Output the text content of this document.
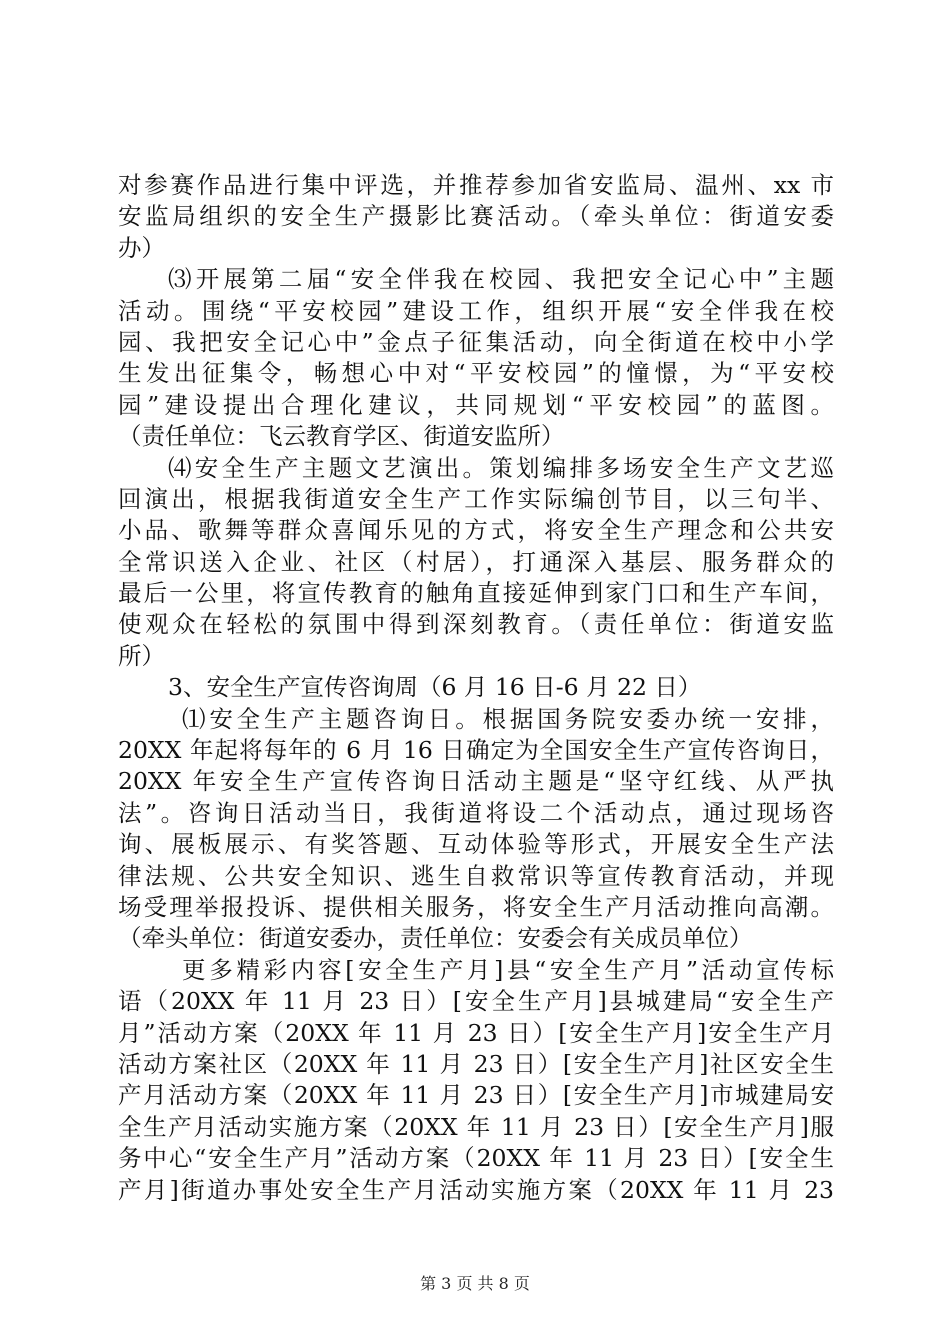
对参赛作品进行集中评选，并推荐参加省安监局、温州、xx 市
安监局组织的安全生产摄影比赛活动。（牵头单位：街道安委
办）
⑶开展第二届“安全伴我在校园、我把安全记心中”主题
活动。围绕“平安校园”建设工作，组织开展“安全伴我在校
园、我把安全记心中”金点子征集活动，向全街道在校中小学
生发出征集令，畅想心中对“平安校园”的憧憬，为“平安校
园”建设提出合理化建议，共同规划“平安校园”的蓝图。
（责任单位：飞云教育学区、街道安监所）
⑷安全生产主题文艺演出。策划编排多场安全生产文艺巡
回演出，根据我街道安全生产工作实际编创节目，以三句半、
小品、歌舞等群众喜闻乐见的方式，将安全生产理念和公共安
全常识送入企业、社区（村居），打通深入基层、服务群众的
最后一公里，将宣传教育的触角直接延伸到家门口和生产车间，
使观众在轻松的氛围中得到深刻教育。（责任单位：街道安监
所）
3、安全生产宣传咨询周（6 月 16 日-6 月 22 日）
⑴安全生产主题咨询日。根据国务院安委办统一安排，
20XX 年起将每年的 6 月 16 日确定为全国安全生产宣传咨询日，
20XX 年安全生产宣传咨询日活动主题是“坚守红线、从严执
法”。咨询日活动当日，我街道将设二个活动点，通过现场咨
询、展板展示、有奖答题、互动体验等形式，开展安全生产法
律法规、公共安全知识、逃生自救常识等宣传教育活动，并现
场受理举报投诉、提供相关服务，将安全生产月活动推向高潮。
（牵头单位：街道安委办，责任单位：安委会有关成员单位）
更多精彩内容[安全生产月]县“安全生产月”活动宣传标
语（20XX 年 11 月 23 日）[安全生产月]县城建局“安全生产
月”活动方案（20XX 年 11 月 23 日）[安全生产月]安全生产月
活动方案社区（20XX 年 11 月 23 日）[安全生产月]社区安全生
产月活动方案（20XX 年 11 月 23 日）[安全生产月]市城建局安
全生产月活动实施方案（20XX 年 11 月 23 日）[安全生产月]服
务中心“安全生产月”活动方案（20XX 年 11 月 23 日）[安全生
产月]街道办事处安全生产月活动实施方案（20XX 年 11 月 23
第 3 页 共 8 页
